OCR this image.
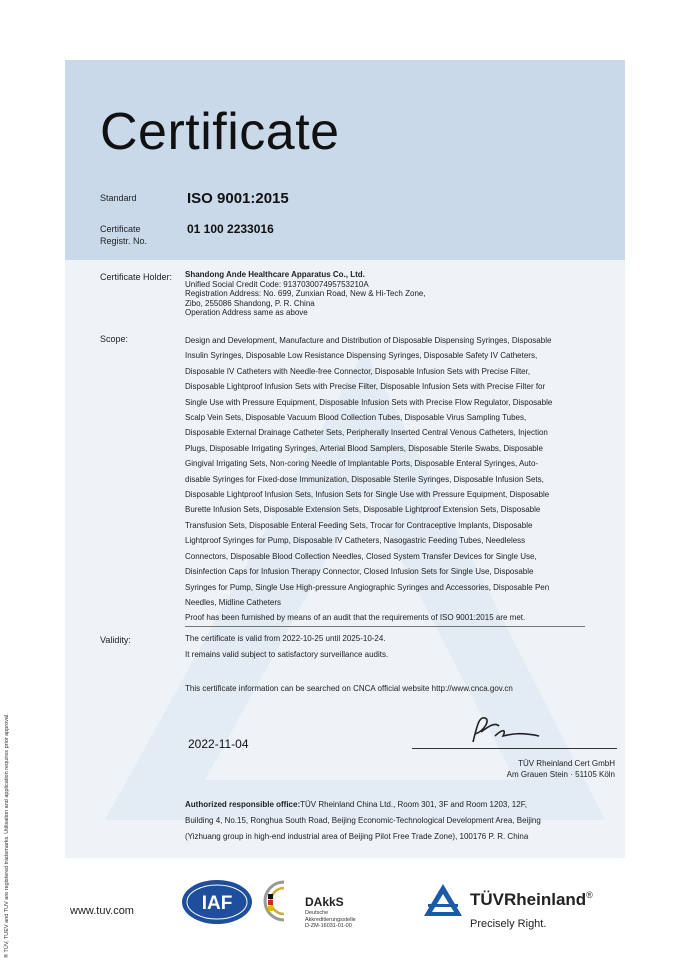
Certificate
Standard	ISO 9001:2015
Certificate
Registr. No.
01 100 2233016
Certificate Holder: Shandong Ande Healthcare Apparatus Co., Ltd.
Unified Social Credit Code: 913703007495753210A
Registration Address: No. 699, Zunxian Road, New & Hi-Tech Zone,
Zibo, 255086 Shandong, P. R. China
Operation Address same as above
Scope:	Design and Development, Manufacture and Distribution of Disposable Dispensing Syringes, Disposable
Insulin Syringes, Disposable Low Resistance Dispensing Syringes, Disposable Safety IV Catheters,
Disposable IV Catheters with Needle-free Connector, Disposable Infusion Sets with Precise Filter,
Disposable Lightproof Infusion Sets with Precise Filter, Disposable Infusion Sets with Precise Filter for
Single Use with Pressure Equipment, Disposable Infusion Sets with Precise Flow Regulator, Disposable
Scalp Vein Sets, Disposable Vacuum Blood Collection Tubes, Disposable Virus Sampling Tubes,
Disposable External Drainage Catheter Sets, Peripherally Inserted Central Venous Catheters, Injection
Plugs, Disposable Irrigating Syringes, Arterial Blood Samplers, Disposable Sterile Swabs, Disposable
Gingival Irrigating Sets, Non-coring Needle of Implantable Ports, Disposable Enteral Syringes, Auto-
disable Syringes for Fixed-dose Immunization, Disposable Sterile Syringes, Disposable Infusion Sets,
Disposable Lightproof Infusion Sets, Infusion Sets for Single Use with Pressure Equipment, Disposable
Burette Infusion Sets, Disposable Extension Sets, Disposable Lightproof Extension Sets, Disposable
Transfusion Sets, Disposable Enteral Feeding Sets, Trocar for Contraceptive Implants, Disposable
Lightproof Syringes for Pump, Disposable IV Catheters, Nasogastric Feeding Tubes, Needleless
Connectors, Disposable Blood Collection Needles, Closed System Transfer Devices for Single Use,
Disinfection Caps for Infusion Therapy Connector, Closed Infusion Sets for Single Use, Disposable
Syringes for Pump, Single Use High-pressure Angiographic Syringes and Accessories, Disposable Pen
Needles, Midline Catheters
Proof has been furnished by means of an audit that the requirements of ISO 9001:2015 are met.
Validity:	The certificate is valid from 2022-10-25 until 2025-10-24.
It remains valid subject to satisfactory surveillance audits.
This certificate information can be searched on CNCA official website http://www.cnca.gov.cn
2022-11-04
TÜV Rheinland Cert GmbH
Am Grauen Stein · 51105 Köln
Authorized responsible office:TÜV Rheinland China Ltd., Room 301, 3F and Room 1203, 12F,
Building 4, No.15, Ronghua South Road, Beijing Economic-Technological Development Area, Beijing
(Yizhuang group in high-end industrial area of Beijing Pilot Free Trade Zone), 100176 P. R. China
® TÜV, TUEV and TUV are registered trademarks. Utilisation and application requires prior approval.	www.tuv.com	IAF	DAkkS
Deutsche
Akkreditierungsstelle
D-ZM-16031-01-00
TÜVRheinland®
Precisely Right.
